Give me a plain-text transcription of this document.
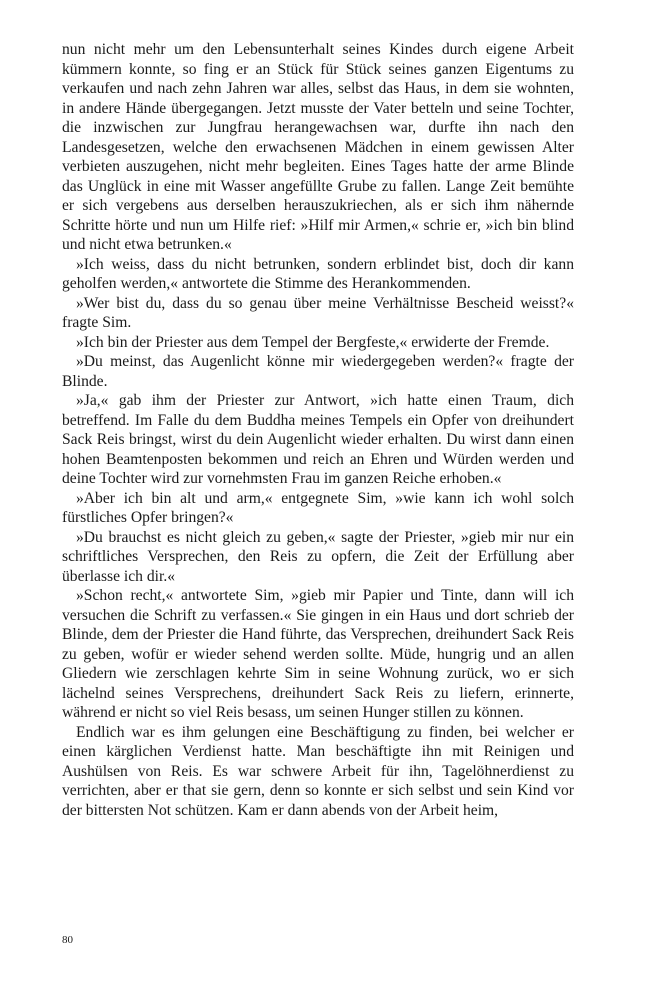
nun nicht mehr um den Lebensunterhalt seines Kindes durch eigene Arbeit kümmern konnte, so fing er an Stück für Stück seines ganzen Eigentums zu verkaufen und nach zehn Jahren war alles, selbst das Haus, in dem sie wohnten, in andere Hände übergegangen. Jetzt musste der Vater betteln und seine Tochter, die inzwischen zur Jungfrau herangewachsen war, durfte ihn nach den Landesgesetzen, welche den erwachsenen Mädchen in einem gewissen Alter verbieten auszugehen, nicht mehr begleiten. Eines Tages hatte der arme Blinde das Unglück in eine mit Wasser angefüllte Grube zu fallen. Lange Zeit bemühte er sich vergebens aus derselben herauszukriechen, als er sich ihm nähernde Schritte hörte und nun um Hilfe rief: »Hilf mir Armen,« schrie er, »ich bin blind und nicht etwa betrunken.«

»Ich weiss, dass du nicht betrunken, sondern erblindet bist, doch dir kann geholfen werden,« antwortete die Stimme des Herankommenden.

»Wer bist du, dass du so genau über meine Verhältnisse Bescheid weisst?« fragte Sim.

»Ich bin der Priester aus dem Tempel der Bergfeste,« erwiderte der Fremde.

»Du meinst, das Augenlicht könne mir wiedergegeben werden?« fragte der Blinde.

»Ja,« gab ihm der Priester zur Antwort, »ich hatte einen Traum, dich betreffend. Im Falle du dem Buddha meines Tempels ein Opfer von dreihundert Sack Reis bringst, wirst du dein Augenlicht wieder erhalten. Du wirst dann einen hohen Beamtenposten bekommen und reich an Ehren und Würden werden und deine Tochter wird zur vornehmsten Frau im ganzen Reiche erhoben.«

»Aber ich bin alt und arm,« entgegnete Sim, »wie kann ich wohl solch fürstliches Opfer bringen?«

»Du brauchst es nicht gleich zu geben,« sagte der Priester, »gieb mir nur ein schriftliches Versprechen, den Reis zu opfern, die Zeit der Erfüllung aber überlasse ich dir.«

»Schon recht,« antwortete Sim, »gieb mir Papier und Tinte, dann will ich versuchen die Schrift zu verfassen.« Sie gingen in ein Haus und dort schrieb der Blinde, dem der Priester die Hand führte, das Versprechen, dreihundert Sack Reis zu geben, wofür er wieder sehend werden sollte. Müde, hungrig und an allen Gliedern wie zerschlagen kehrte Sim in seine Wohnung zurück, wo er sich lächelnd seines Versprechens, dreihundert Sack Reis zu liefern, erinnerte, während er nicht so viel Reis besass, um seinen Hunger stillen zu können.

Endlich war es ihm gelungen eine Beschäftigung zu finden, bei welcher er einen kärglichen Verdienst hatte. Man beschäftigte ihn mit Reinigen und Aushülsen von Reis. Es war schwere Arbeit für ihn, Tagelöhnerdienst zu verrichten, aber er that sie gern, denn so konnte er sich selbst und sein Kind vor der bittersten Not schützen. Kam er dann abends von der Arbeit heim,

80
